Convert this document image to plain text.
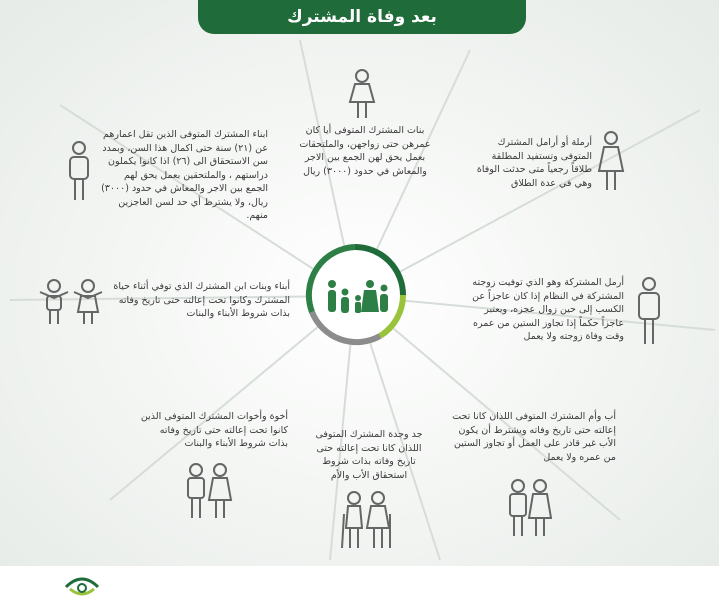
بعد وفاة المشترك
بنات المشترك المتوفى أيا كان عمرهن حتى زواجهن، والملتحقات بعمل يحق لهن الجمع بين الاجر والمعاش في حدود (٣٠٠٠) ريال
أرملة أو أرامل المشترك المتوفى وتستفيد المطلقة طلاقاً رجعياً متى حدثت الوفاة وهي في عدة الطلاق
ابناء المشترك المتوفى الذين تقل اعمارهم عن (٢١) سنة حتى اكمال هذا السن، وبمدد سن الاستحقاق الى (٢٦) اذا كانوا يكملون دراستهم ، والملتحقين بعمل يحق لهم الجمع بين الاجر والمعاش في حدود (٣٠٠٠) ريال، ولا يشترط أي حد لسن العاجزين منهم.
أرمل المشتركة وهو الذي توفيت زوجته المشتركة في النظام إذا كان عاجزاً عن الكسب إلى حين زوال عجزه، ويعتبر عاجزاً حكماً إذا تجاوز الستين من عمره وقت وفاة زوجته ولا يعمل
أبناء وبنات ابن المشترك الذي توفي أثناء حياة المشترك وكانوا تحت إعالته حتى تاريخ وفاته بذات شروط الأبناء والبنات
أب وأم المشترك المتوفى اللذان كانا تحت إعالته حتى تاريخ وفاته ويشترط أن يكون الأب غير قادر على العمل أو تجاوز الستين من عمره ولا يعمل
أخوة وأخوات المشترك المتوفى الذين كانوا تحت إعالته حتى تاريخ وفاته بذات شروط الأبناء والبنات
جد وجدة المشترك المتوفى اللذان كانا تحت إعالته حتى تاريخ وفاته بذات شروط استحقاق الأب والأم
